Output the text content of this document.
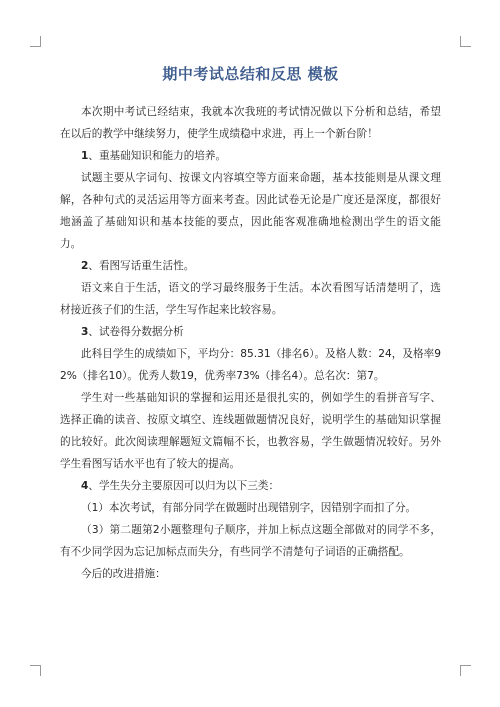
期中考试总结和反思 模板

本次期中考试已经结束，我就本次我班的考试情况做以下分析和总结，希望在以后的教学中继续努力，使学生成绩稳中求进，再上一个新台阶！

1、重基础知识和能力的培养。

试题主要从字词句、按课文内容填空等方面来命题，基本技能则是从课文理解，各种句式的灵活运用等方面来考查。因此试卷无论是广度还是深度，都很好地涵盖了基础知识和基本技能的要点，因此能客观准确地检测出学生的语文能力。

2、看图写话重生活性。

语文来自于生活，语文的学习最终服务于生活。本次看图写话清楚明了，选材接近孩子们的生活，学生写作起来比较容易。

3、试卷得分数据分析

此科目学生的成绩如下，平均分：85.31（排名6）。及格人数：24，及格率92%（排名10）。优秀人数19，优秀率73%（排名4）。总名次：第7。

学生对一些基础知识的掌握和运用还是很扎实的，例如学生的看拼音写字、选择正确的读音、按原文填空、连线题做题情况良好，说明学生的基础知识掌握的比较好。此次阅读理解题短文篇幅不长，也教容易，学生做题情况较好。另外学生看图写话水平也有了较大的提高。

4、学生失分主要原因可以归为以下三类：

（1）本次考试，有部分同学在做题时出现错别字，因错别字而扣了分。

（3）第二题第2小题整理句子顺序，并加上标点这题全部做对的同学不多，有不少同学因为忘记加标点而失分，有些同学不清楚句子词语的正确搭配。

今后的改进措施：
